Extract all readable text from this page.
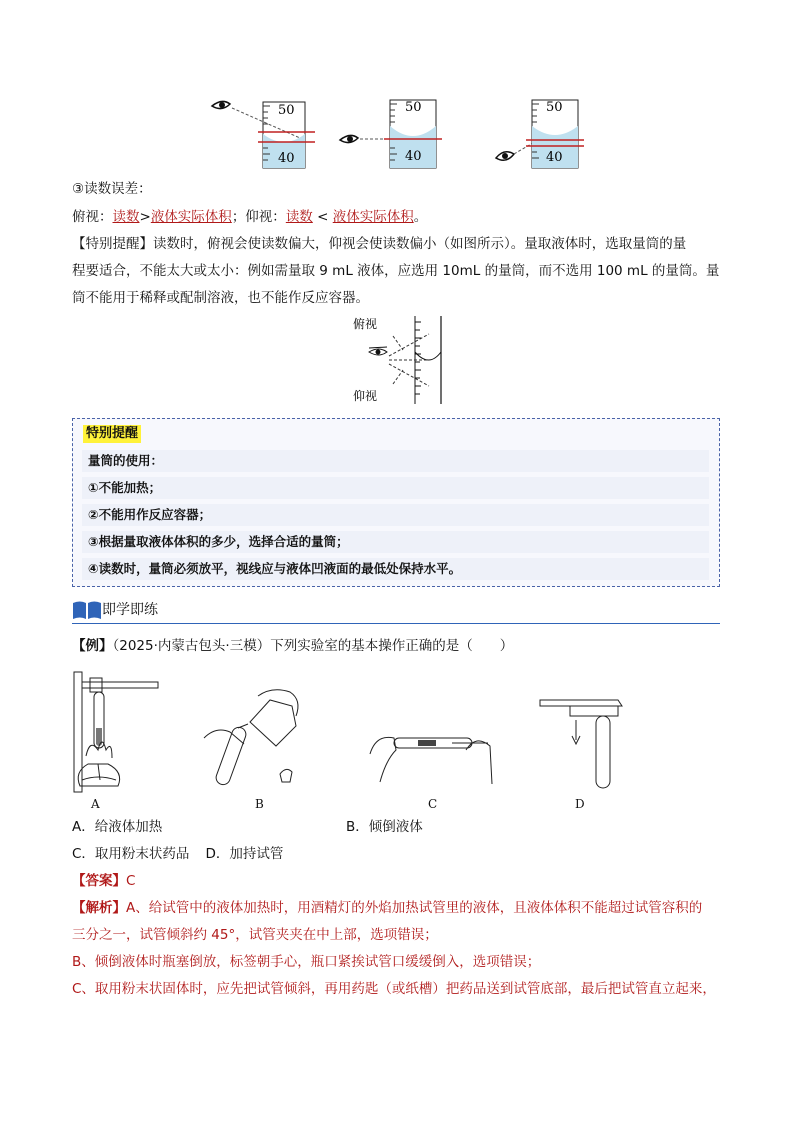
50
40
50
40
50
40
③读数误差：
俯视：读数>液体实际体积；仰视：读数 < 液体实际体积。
【特别提醒】读数时，俯视会使读数偏大，仰视会使读数偏小（如图所示）。量取液体时，选取量筒的量
程要适合，不能太大或太小：例如需量取 9 mL 液体，应选用 10mL 的量筒，而不选用 100 mL 的量筒。量
筒不能用于稀释或配制溶液，也不能作反应容器。
俯视
仰视
特别提醒
量筒的使用：
①不能加热；
②不能用作反应容器；
③根据量取液体体积的多少，选择合适的量筒；
④读数时，量筒必须放平，视线应与液体凹液面的最低处保持水平。
即学即练
【例】（2025·内蒙古包头·三模）下列实验室的基本操作正确的是（　　）
A	B	C	D
A．给液体加热	B．倾倒液体
C．取用粉末状药品 D．加持试管
【答案】C
【解析】A、给试管中的液体加热时，用酒精灯的外焰加热试管里的液体，且液体体积不能超过试管容积的
三分之一，试管倾斜约 45°，试管夹夹在中上部，选项错误；
B、倾倒液体时瓶塞倒放，标签朝手心，瓶口紧挨试管口缓缓倒入，选项错误；
C、取用粉末状固体时，应先把试管倾斜，再用药匙（或纸槽）把药品送到试管底部，最后把试管直立起来，
